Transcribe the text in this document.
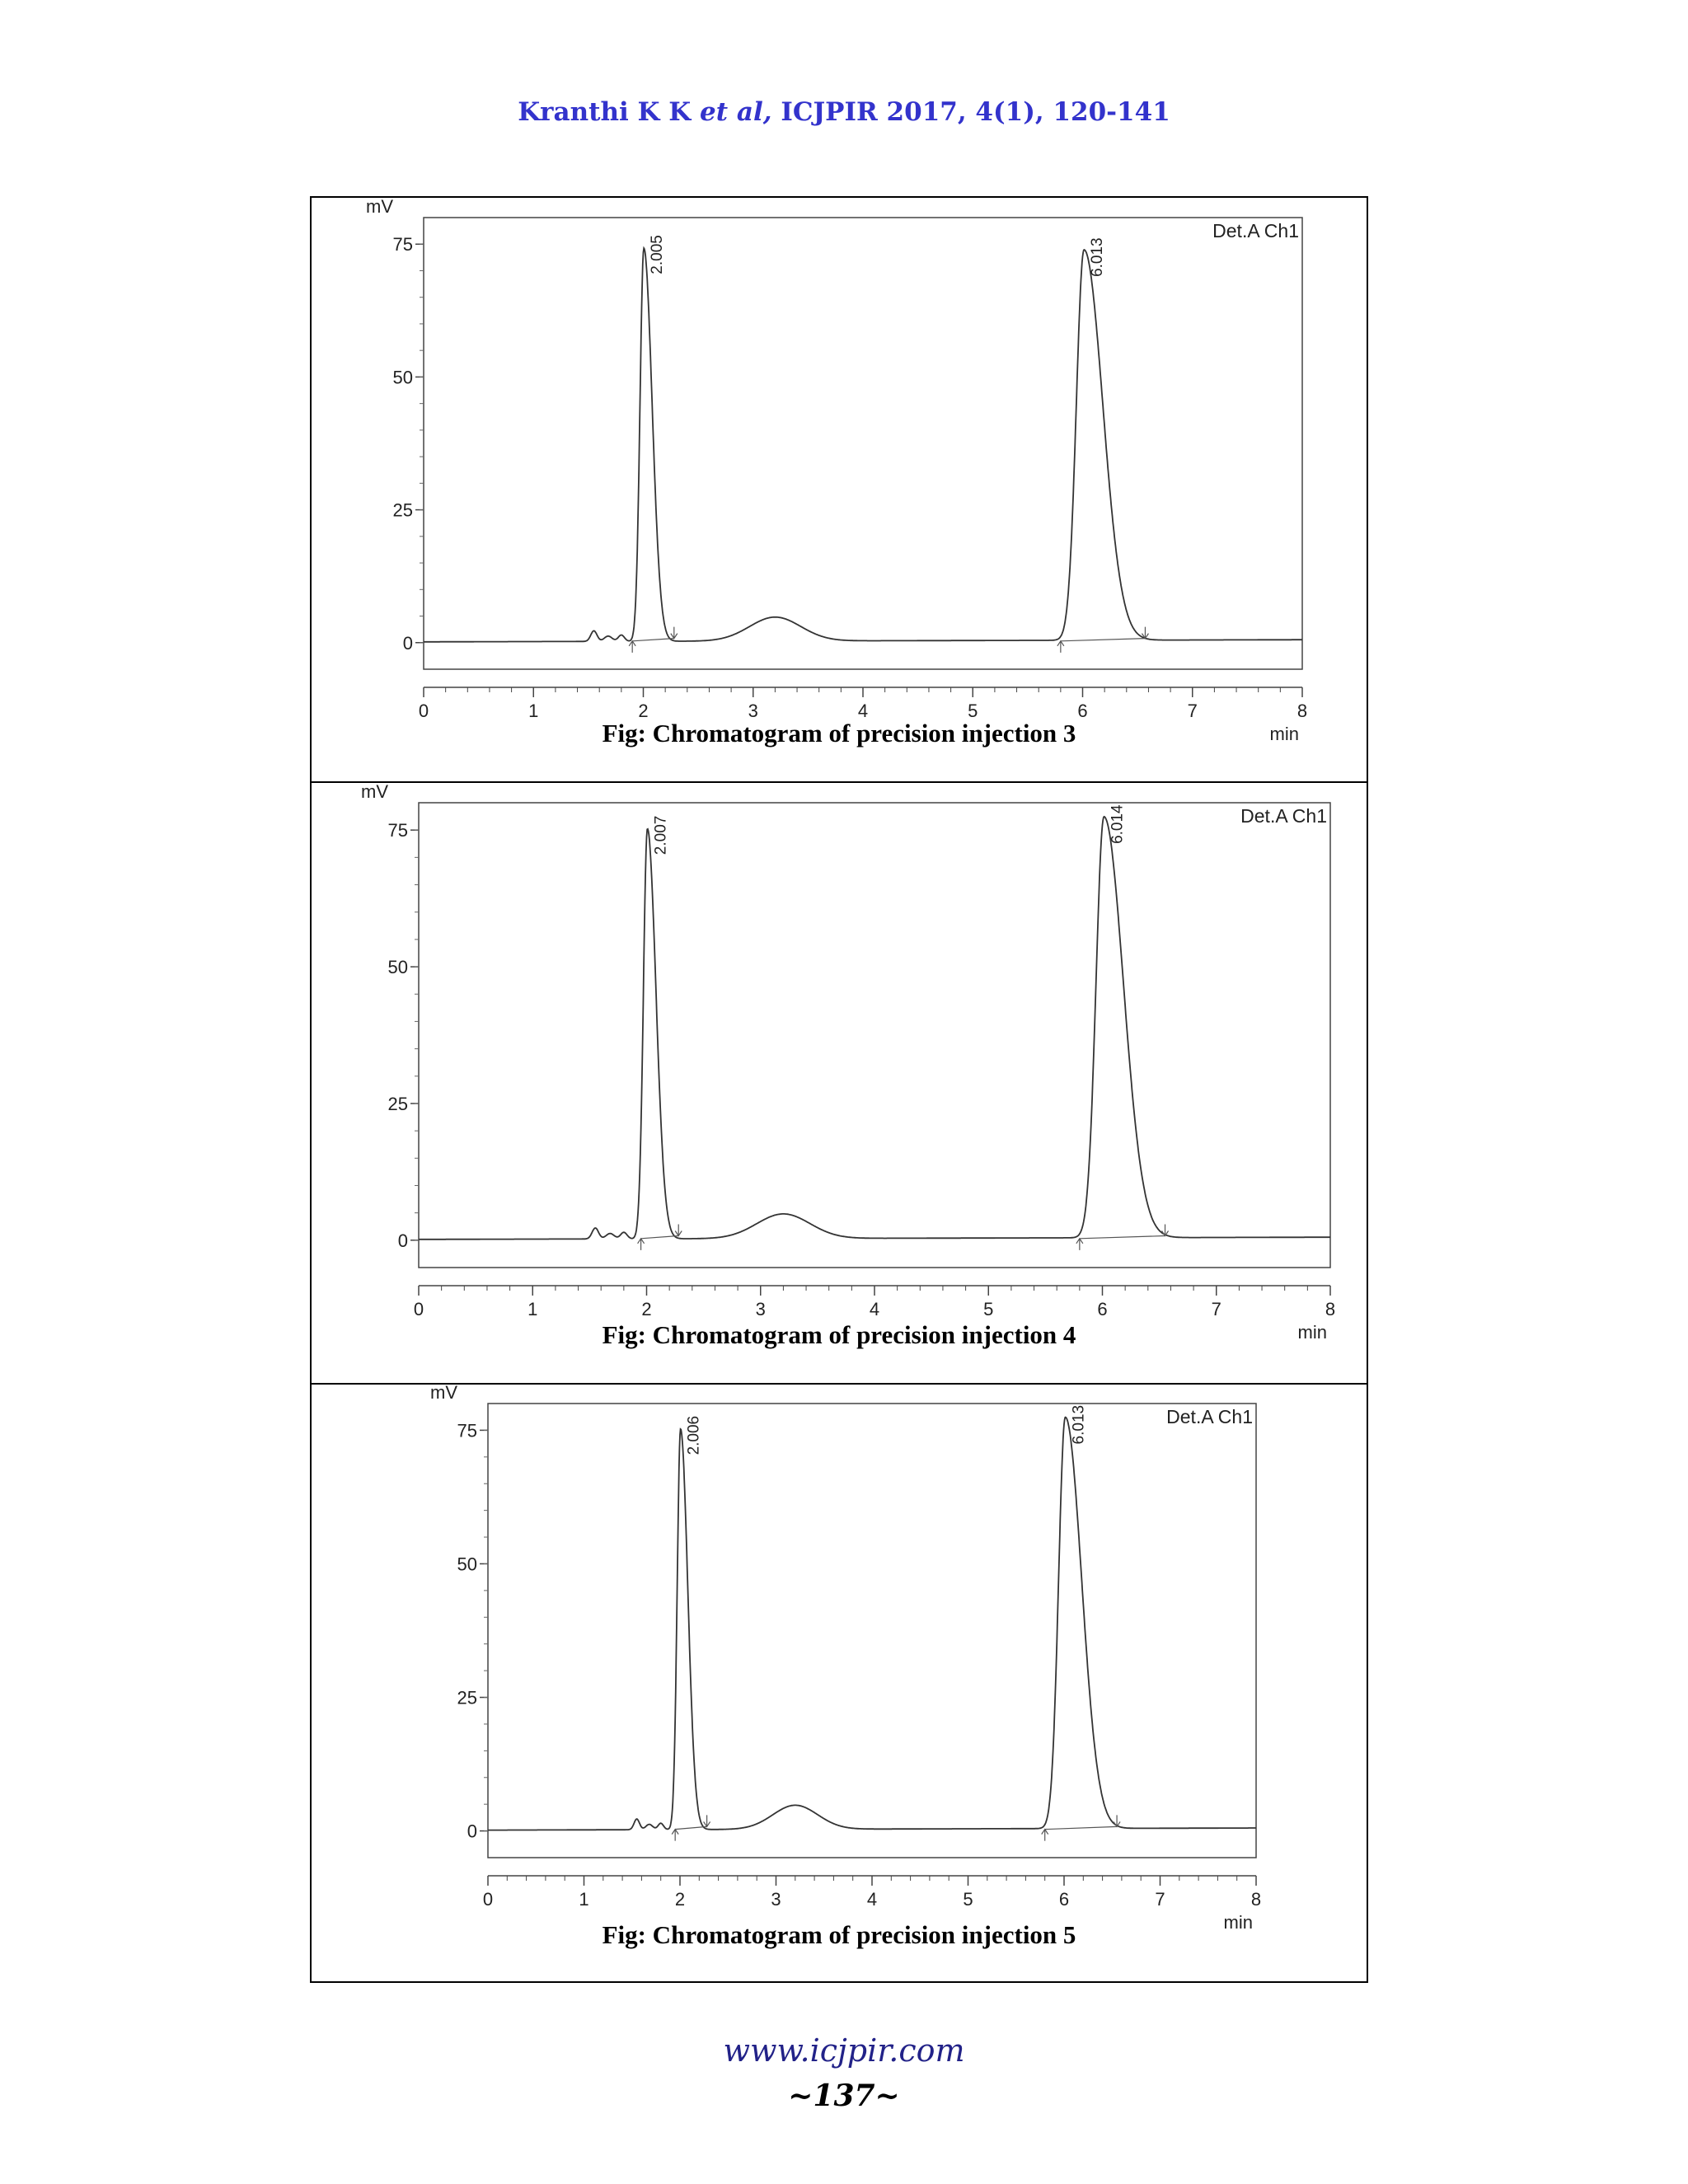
Kranthi K K et al, ICJPIR 2017, 4(1), 120-141
0
25
50
75
mV
0	1	2	3	4	5	6	7	8
min
Det.A Ch1
2.005	6.013
Fig: Chromatogram of precision injection 3
0
25
50
75
mV
0	1	2	3	4	5	6	7	8
min
Det.A Ch1
2.007	6.014
Fig: Chromatogram of precision injection 4
0
25
50
75
mV
0	1	2	3	4	5	6	7	8
min
Det.A Ch1
2.006	6.013
Fig: Chromatogram of precision injection 5
www.icjpir.com
~137~
